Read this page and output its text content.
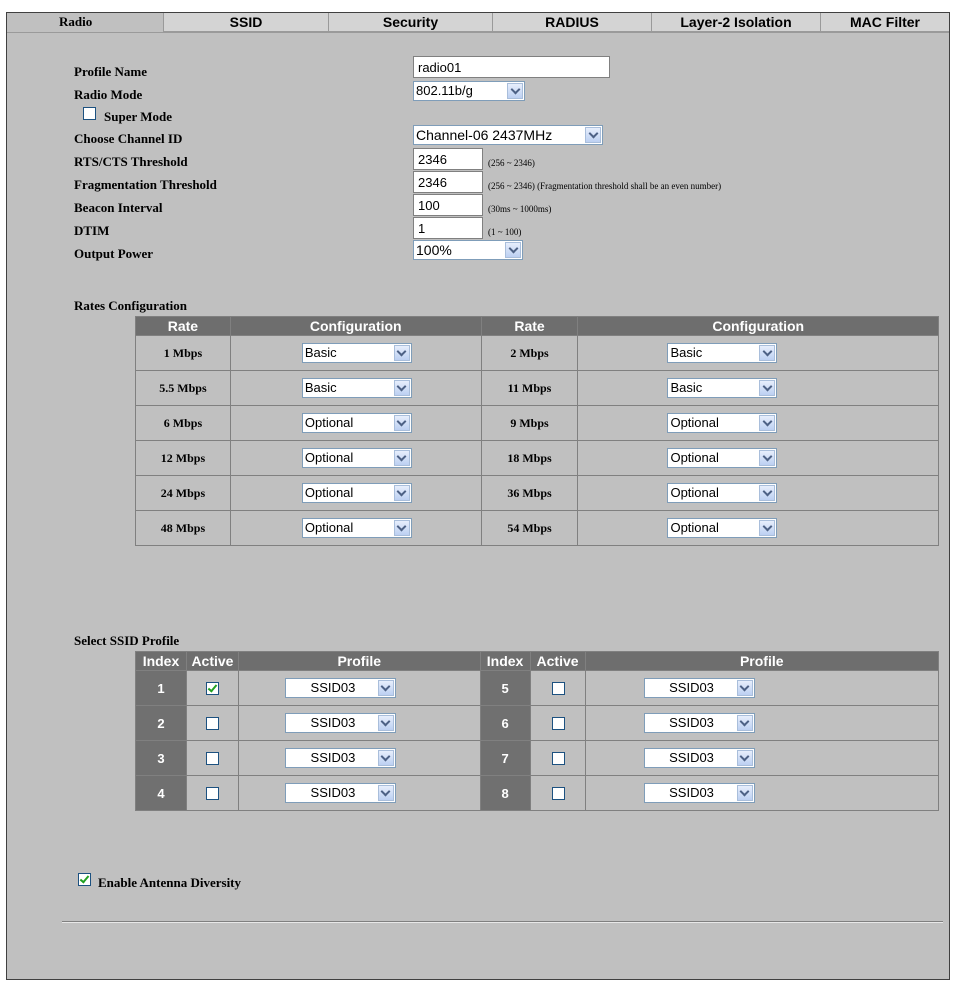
Radio	SSID	Security	RADIUS	Layer-2 Isolation	MAC Filter
Profile Name
radio01
Radio Mode	802.11b/g
Super Mode
Choose Channel ID	Channel-06 2437MHz
RTS/CTS Threshold
2346	(256 ~ 2346)
Fragmentation Threshold
2346	(256 ~ 2346) (Fragmentation threshold shall be an even number)
Beacon Interval
100	(30ms ~ 1000ms)
DTIM
1	(1 ~ 100)
Output Power	100%
Rates Configuration
Rate	Configuration	Rate	Configuration
1 Mbps	Basic	2 Mbps	Basic

5.5 Mbps	Basic	11 Mbps	Basic

6 Mbps	Optional	9 Mbps	Optional

12 Mbps	Optional	18 Mbps	Optional

24 Mbps	Optional	36 Mbps	Optional

48 Mbps	Optional	54 Mbps	Optional
Select SSID Profile
Index	Active	Profile	Index	Active	Profile
1		SSID03	5		SSID03

2		SSID03	6		SSID03

3		SSID03	7		SSID03

4		SSID03	8		SSID03
Enable Antenna Diversity
